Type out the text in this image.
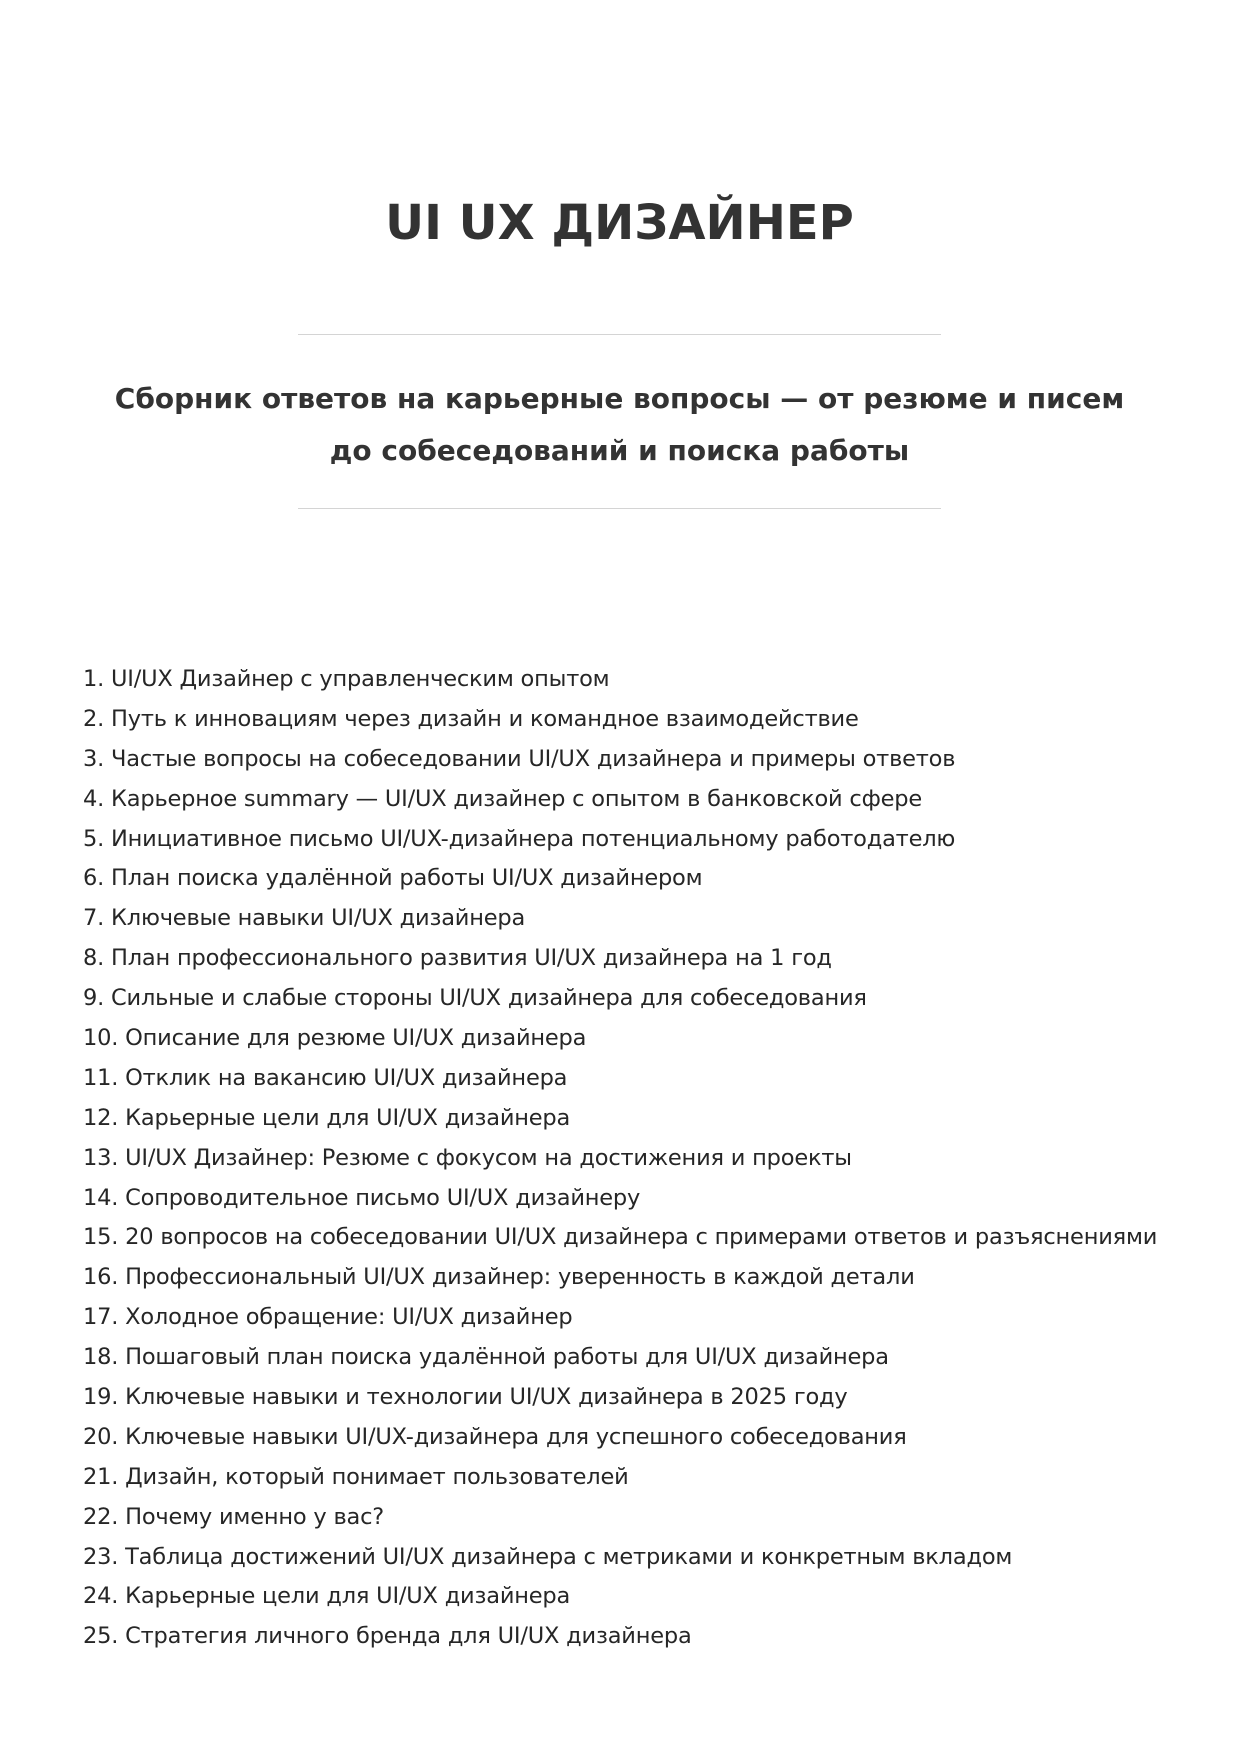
UI UX ДИЗАЙНЕР

Сборник ответов на карьерные вопросы — от резюме и писем до собеседований и поиска работы

1. UI/UX Дизайнер с управленческим опытом
2. Путь к инновациям через дизайн и командное взаимодействие
3. Частые вопросы на собеседовании UI/UX дизайнера и примеры ответов
4. Карьерное summary — UI/UX дизайнер с опытом в банковской сфере
5. Инициативное письмо UI/UX-дизайнера потенциальному работодателю
6. План поиска удалённой работы UI/UX дизайнером
7. Ключевые навыки UI/UX дизайнера
8. План профессионального развития UI/UX дизайнера на 1 год
9. Сильные и слабые стороны UI/UX дизайнера для собеседования
10. Описание для резюме UI/UX дизайнера
11. Отклик на вакансию UI/UX дизайнера
12. Карьерные цели для UI/UX дизайнера
13. UI/UX Дизайнер: Резюме с фокусом на достижения и проекты
14. Сопроводительное письмо UI/UX дизайнеру
15. 20 вопросов на собеседовании UI/UX дизайнера с примерами ответов и разъяснениями
16. Профессиональный UI/UX дизайнер: уверенность в каждой детали
17. Холодное обращение: UI/UX дизайнер
18. Пошаговый план поиска удалённой работы для UI/UX дизайнера
19. Ключевые навыки и технологии UI/UX дизайнера в 2025 году
20. Ключевые навыки UI/UX-дизайнера для успешного собеседования
21. Дизайн, который понимает пользователей
22. Почему именно у вас?
23. Таблица достижений UI/UX дизайнера с метриками и конкретным вкладом
24. Карьерные цели для UI/UX дизайнера
25. Стратегия личного бренда для UI/UX дизайнера
